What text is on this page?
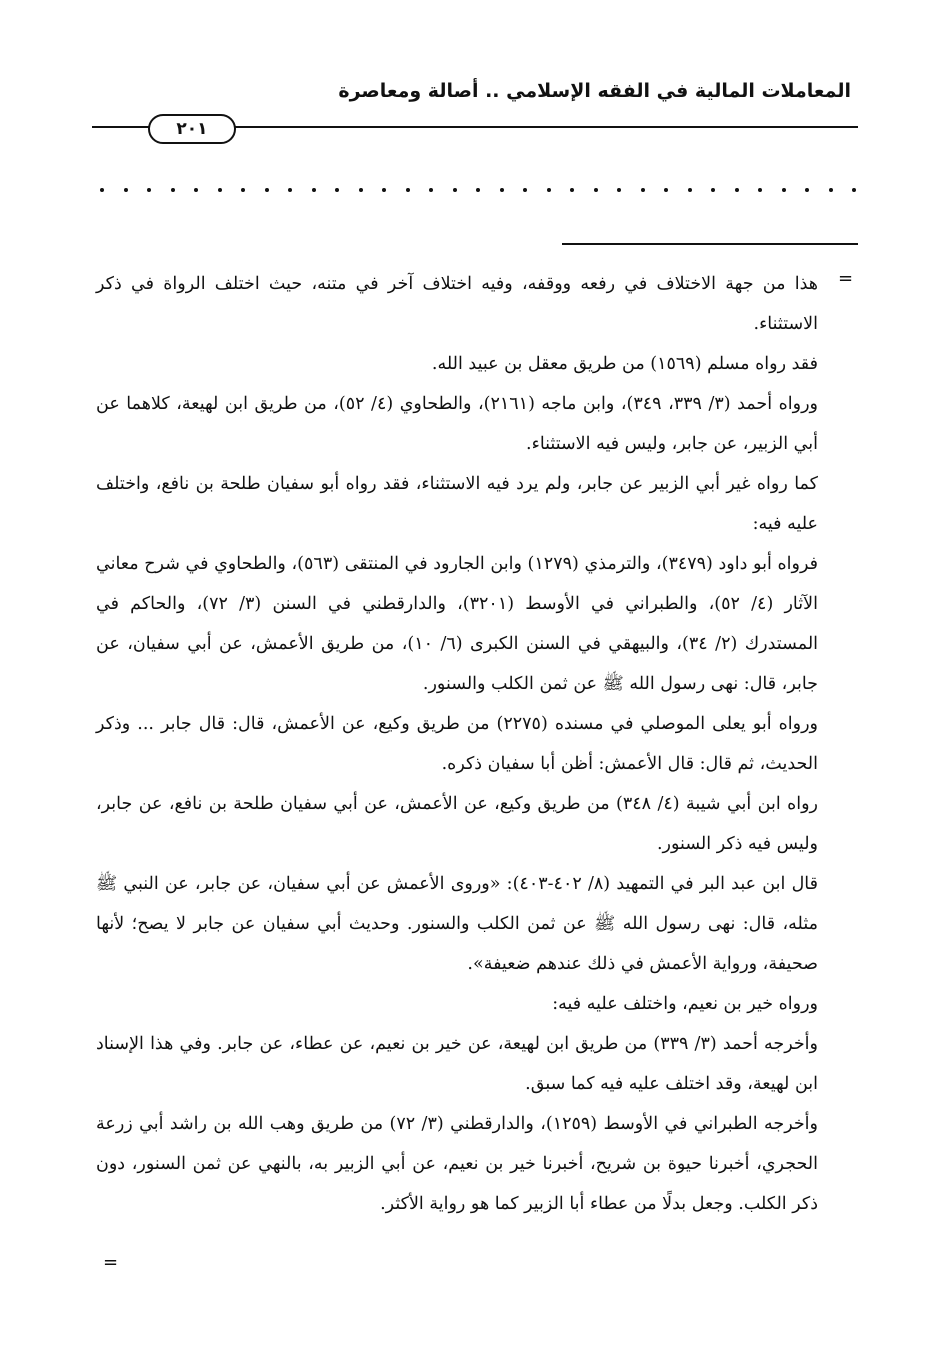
المعاملات المالية في الفقه الإسلامي .. أصالة ومعاصرة
٢٠١
=

هذا من جهة الاختلاف في رفعه ووقفه، وفيه اختلاف آخر في متنه، حيث اختلف الرواة في ذكر الاستثناء.

فقد رواه مسلم (١٥٦٩) من طريق معقل بن عبيد الله.

ورواه أحمد (٣/ ٣٣٩، ٣٤٩)، وابن ماجه (٢١٦١)، والطحاوي (٤/ ٥٢)، من طريق ابن لهيعة، كلاهما عن أبي الزبير، عن جابر، وليس فيه الاستثناء.

كما رواه غير أبي الزبير عن جابر، ولم يرد فيه الاستثناء، فقد رواه أبو سفيان طلحة بن نافع، واختلف عليه فيه:

فرواه أبو داود (٣٤٧٩)، والترمذي (١٢٧٩) وابن الجارود في المنتقى (٥٦٣)، والطحاوي في شرح معاني الآثار (٤/ ٥٢)، والطبراني في الأوسط (٣٢٠١)، والدارقطني في السنن (٣/ ٧٢)، والحاكم في المستدرك (٢/ ٣٤)، والبيهقي في السنن الكبرى (٦/ ١٠)، من طريق الأعمش، عن أبي سفيان، عن جابر، قال: نهى رسول الله ﷺ عن ثمن الكلب والسنور.

ورواه أبو يعلى الموصلي في مسنده (٢٢٧٥) من طريق وكيع، عن الأعمش، قال: قال جابر ... وذكر الحديث، ثم قال: قال الأعمش: أظن أبا سفيان ذكره.

رواه ابن أبي شيبة (٤/ ٣٤٨) من طريق وكيع، عن الأعمش، عن أبي سفيان طلحة بن نافع، عن جابر، وليس فيه ذكر السنور.

قال ابن عبد البر في التمهيد (٨/ ٤٠٢-٤٠٣): «وروى الأعمش عن أبي سفيان، عن جابر، عن النبي ﷺ مثله، قال: نهى رسول الله ﷺ عن ثمن الكلب والسنور. وحديث أبي سفيان عن جابر لا يصح؛ لأنها صحيفة، ورواية الأعمش في ذلك عندهم ضعيفة».

ورواه خير بن نعيم، واختلف عليه فيه:

وأخرجه أحمد (٣/ ٣٣٩) من طريق ابن لهيعة، عن خير بن نعيم، عن عطاء، عن جابر. وفي هذا الإسناد ابن لهيعة، وقد اختلف عليه فيه كما سبق.

وأخرجه الطبراني في الأوسط (١٢٥٩)، والدارقطني (٣/ ٧٢) من طريق وهب الله بن راشد أبي زرعة الحجري، أخبرنا حيوة بن شريح، أخبرنا خير بن نعيم، عن أبي الزبير به، بالنهي عن ثمن السنور، دون ذكر الكلب. وجعل بدلًا من عطاء أبا الزبير كما هو رواية الأكثر.

=
